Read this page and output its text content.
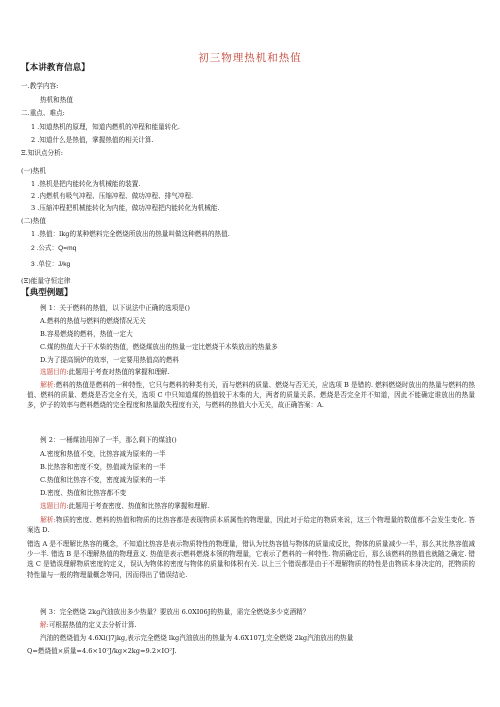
初三物理热机和热值
【本讲教育信息】
一.教学内容:
热机和热值
二.重点、难点:
1 .知道热机的原理，知道内燃机的冲程和能量转化.
2 .知道什么是热值，掌握热值的相关计算.
Ξ.知识点分析:
(一)热机
1 .热机是把内能转化为机械能的装置.
2 .内燃机有吸气冲程、压缩冲程、做功冲程、排气冲程.
3 .压缩冲程把机械能转化为内能，做功冲程把内能转化为机械能.
(二)热值
1 .热值：lkg的某种燃料完全燃烧所放出的热量叫做这种燃料的热值.
2 .公式：Q=mq
3 .单位：J/kg
(Ξ)能量守恒定律
【典型例题】
例 1：关于燃料的热值，以下说法中正确的选项是()
A.燃料的热值与燃料的燃烧情况无关
B.容易燃烧的燃料，热值一定大
C.煤的热值大于干木柴的热值，燃烧煤放出的热量一定比燃烧干木柴放出的热量多
D.为了提高锅炉的效率，一定要用热值高的燃料
选题目的:此题用于考查对热值的掌握和理解.
解析:燃料的热值是燃料的一种特性，它只与燃料的种类有关，而与燃料的质量、燃烧与否无关，应选项 B 是错的. 燃料燃烧时放出的热量与燃料的热值、燃料的质量、燃烧是否完全有关，选项 C 中只知道煤的热值较干木柴的大，两者的质量关系、燃烧是否完全并不知道，因此不能确定谁放出的热量多，炉子的效率与燃料燃烧的完全程度和热量散失程度有关，与燃料的热值大小无关，故正确答案：A.
例 2：一桶煤油用掉了一半，那么剩下的煤油()
A.密度和热值不变，比热容减为原来的一半
B.比热容和密度不变，热值减为原来的一半
C.热值和比热容不变，密度减为原来的一半
D.密度、热值和比热容都不变
选题目的:此题用于考查密度、热值和比热容的掌握和理解.
解析:物质的密度、燃料的热值和物质的比热容都是表现物质本质属性的物理量，因此对于给定的物质来说，这三个物理量的数值都不会发生变化. 答案选 D.
错选 A 是不理解比热容的概念，不知道比热容是表示物质特性的物理量，错认为比热容值与物体的质量成反比，物体的质量减少一半，那么其比热容值减少一半. 错选 B 是不理解热值的物理意义. 热值是表示燃料燃烧本领的物理量，它表示了燃料的一种特性. 物质确定后，那么该燃料的热值也就随之确定. 错选 C 是错误理解物质密度的定义，误认为物体的密度与物体的质量和体积有关. 以上三个错误都是由于不理解物质的特性是由物质本身决定的，把物质的特性量与一般的物理量概念等同，因而得出了错误结论.
例 3：完全燃烧 2kg汽油放出多少热量？要放出 6.0XI06J的热量，需完全燃烧多少克酒精？
解:可根据热值的定义去分析计算.
汽油的燃烧值为 4.6Xl(]7jkg,表示完全燃烧 lkg汽油放出的热量为 4.6X107J,完全燃烧 2kg汽油放出的热量
Q=燃烧值×质量=4.6×10⁷J/kg×2kg=9.2×IO⁷J.
